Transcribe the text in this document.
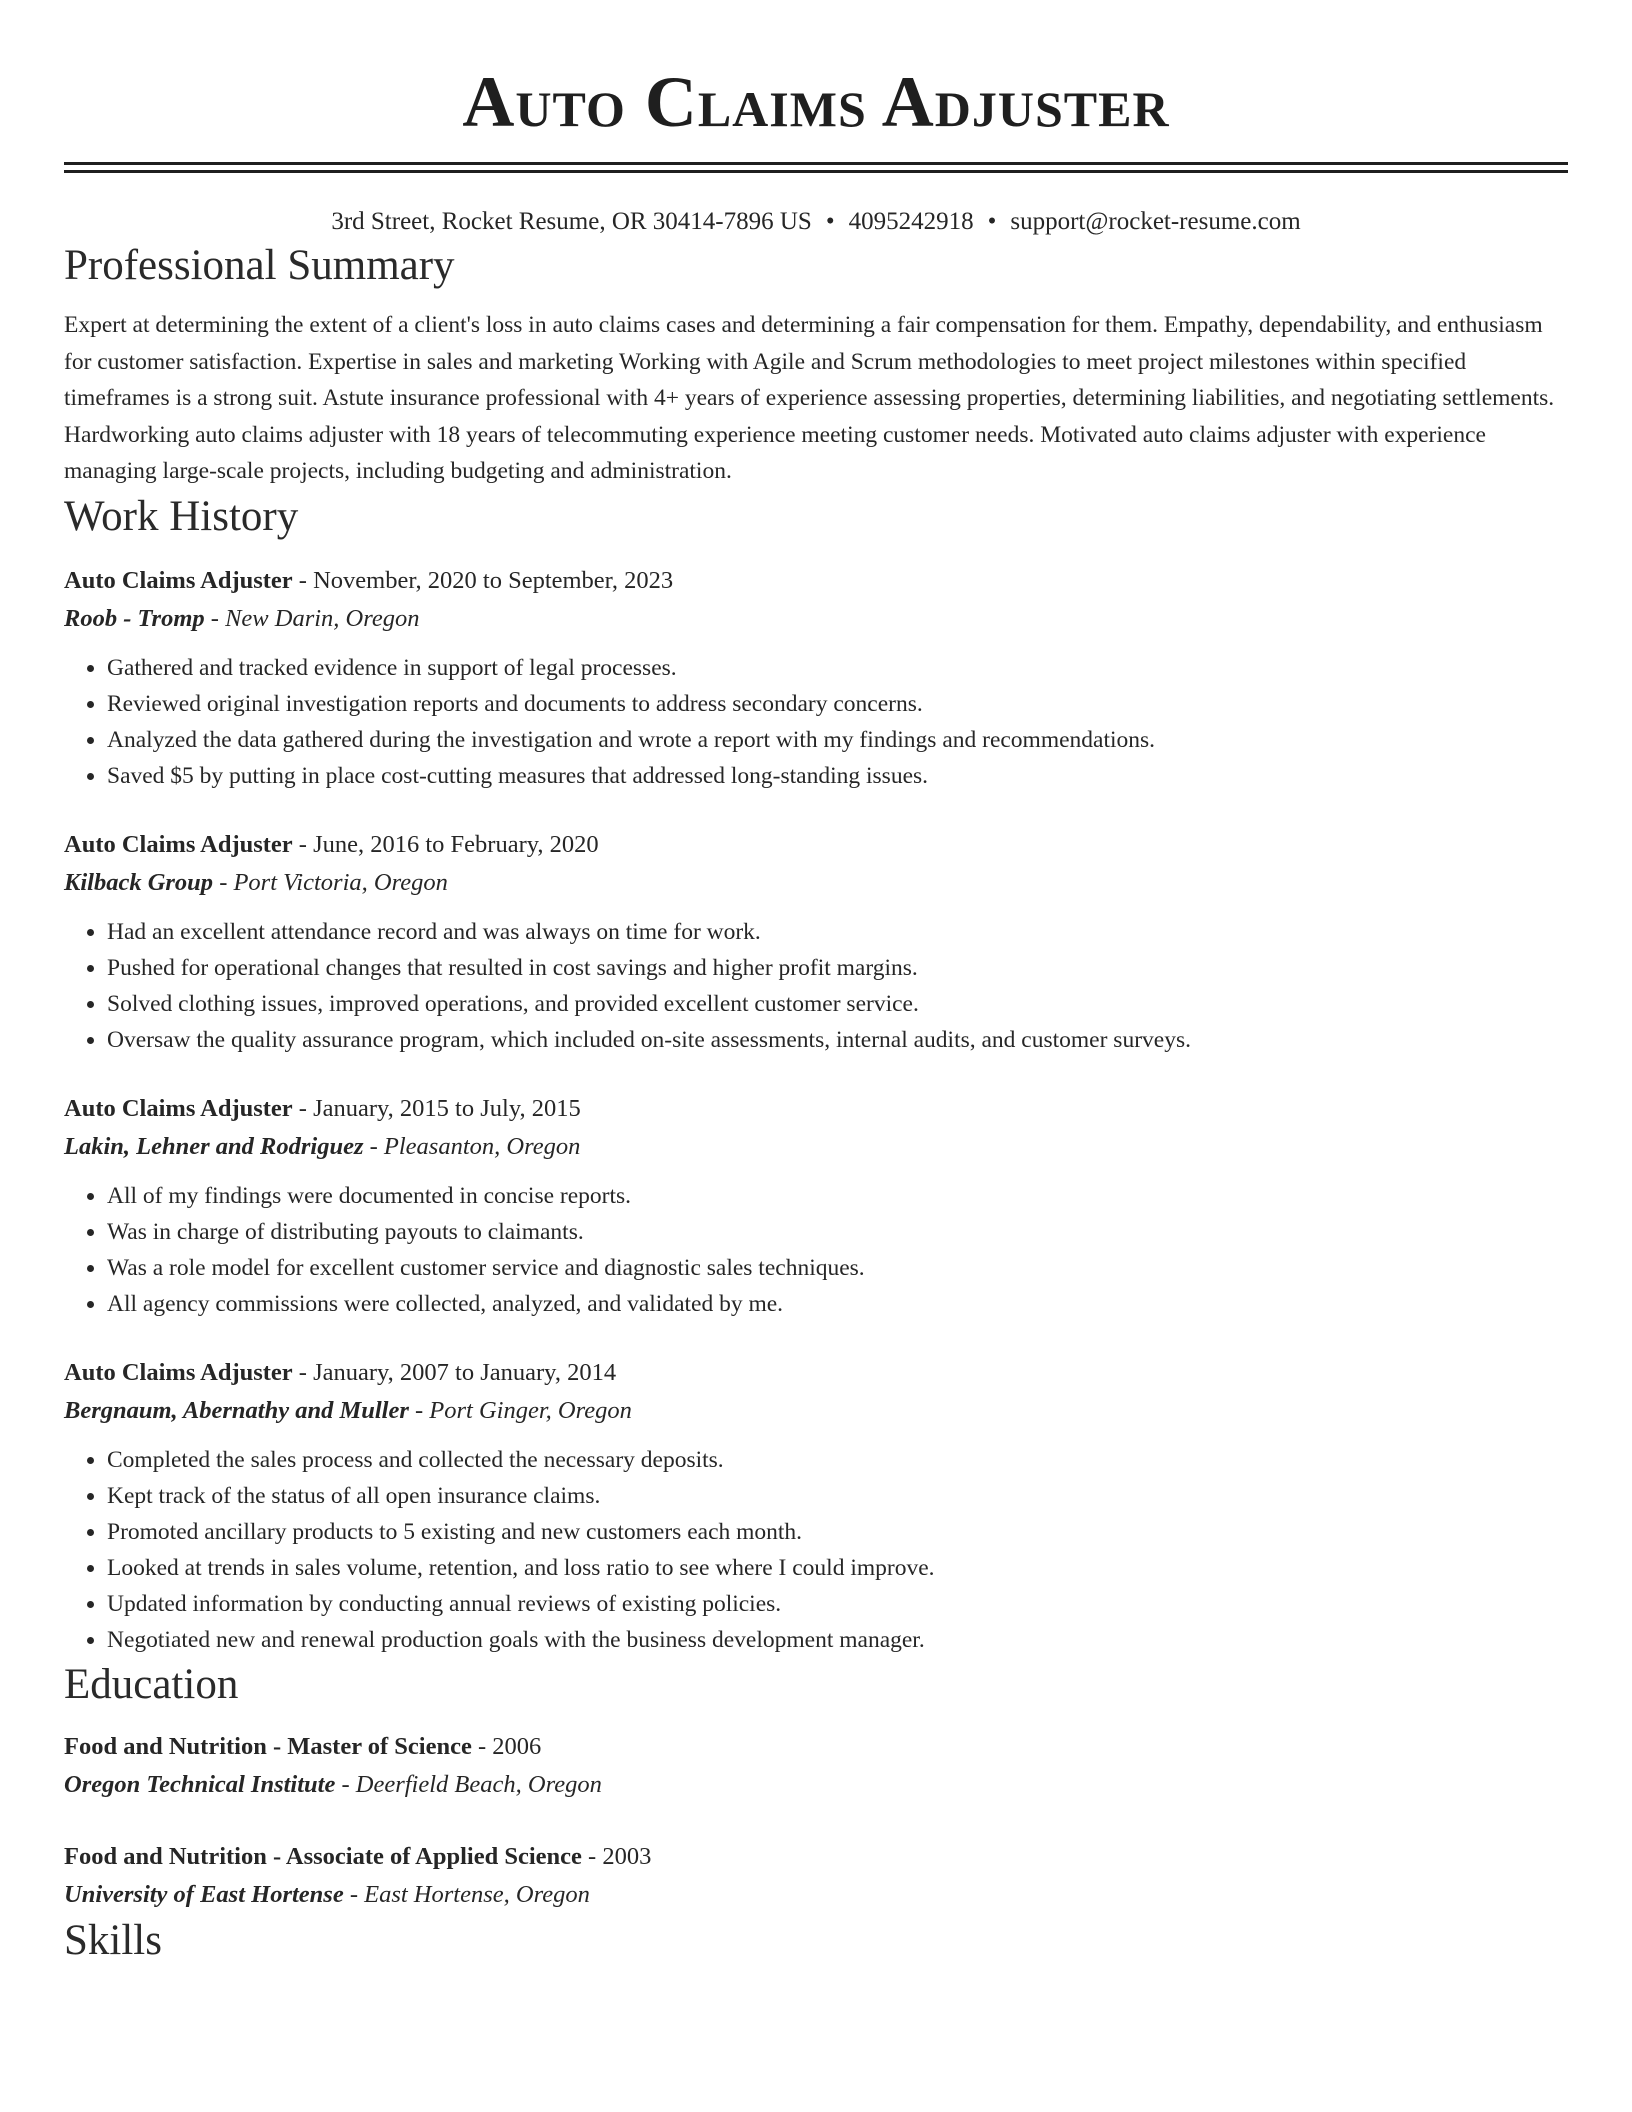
Auto Claims Adjuster
3rd Street, Rocket Resume, OR 30414-7896 US • 4095242918 • support@rocket-resume.com
Professional Summary

Expert at determining the extent of a client's loss in auto claims cases and determining a fair compensation for them. Empathy, dependability, and enthusiasm for customer satisfaction. Expertise in sales and marketing Working with Agile and Scrum methodologies to meet project milestones within specified timeframes is a strong suit. Astute insurance professional with 4+ years of experience assessing properties, determining liabilities, and negotiating settlements. Hardworking auto claims adjuster with 18 years of telecommuting experience meeting customer needs. Motivated auto claims adjuster with experience managing large-scale projects, including budgeting and administration.

Work History
Auto Claims Adjuster - November, 2020 to September, 2023
Roob - Tromp - New Darin, Oregon
• Gathered and tracked evidence in support of legal processes.
• Reviewed original investigation reports and documents to address secondary concerns.
• Analyzed the data gathered during the investigation and wrote a report with my findings and recommendations.
• Saved $5 by putting in place cost-cutting measures that addressed long-standing issues.
Auto Claims Adjuster - June, 2016 to February, 2020
Kilback Group - Port Victoria, Oregon
• Had an excellent attendance record and was always on time for work.
• Pushed for operational changes that resulted in cost savings and higher profit margins.
• Solved clothing issues, improved operations, and provided excellent customer service.
• Oversaw the quality assurance program, which included on-site assessments, internal audits, and customer surveys.
Auto Claims Adjuster - January, 2015 to July, 2015
Lakin, Lehner and Rodriguez - Pleasanton, Oregon
• All of my findings were documented in concise reports.
• Was in charge of distributing payouts to claimants.
• Was a role model for excellent customer service and diagnostic sales techniques.
• All agency commissions were collected, analyzed, and validated by me.
Auto Claims Adjuster - January, 2007 to January, 2014
Bergnaum, Abernathy and Muller - Port Ginger, Oregon
• Completed the sales process and collected the necessary deposits.
• Kept track of the status of all open insurance claims.
• Promoted ancillary products to 5 existing and new customers each month.
• Looked at trends in sales volume, retention, and loss ratio to see where I could improve.
• Updated information by conducting annual reviews of existing policies.
• Negotiated new and renewal production goals with the business development manager.
Education
Food and Nutrition - Master of Science - 2006
Oregon Technical Institute - Deerfield Beach, Oregon
Food and Nutrition - Associate of Applied Science - 2003
University of East Hortense - East Hortense, Oregon
Skills
